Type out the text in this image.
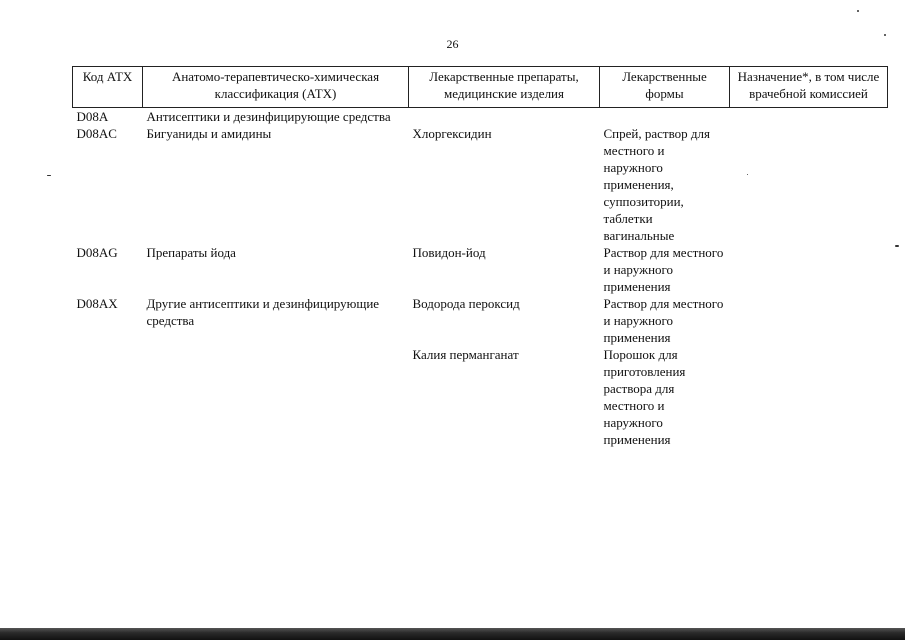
26
Код АТХ	Анатомо-терапевтическо-химическая классификация (АТХ)	Лекарственные препараты, медицинские изделия	Лекарственные формы	Назначение*, в том числе врачебной комиссией
D08A	Антисептики и дезинфицирующие средства			
D08AC	Бигуаниды и амидины	Хлоргексидин	Спрей, раствор для местного и наружного применения, суппозитории, таблетки вагинальные	
D08AG	Препараты йода	Повидон-йод	Раствор для местного и наружного применения	
D08AX	Другие антисептики и дезинфицирующие средства	Водорода пероксид	Раствор для местного и наружного применения	
		Калия перманганат	Порошок для приготовления раствора для местного и наружного применения	
